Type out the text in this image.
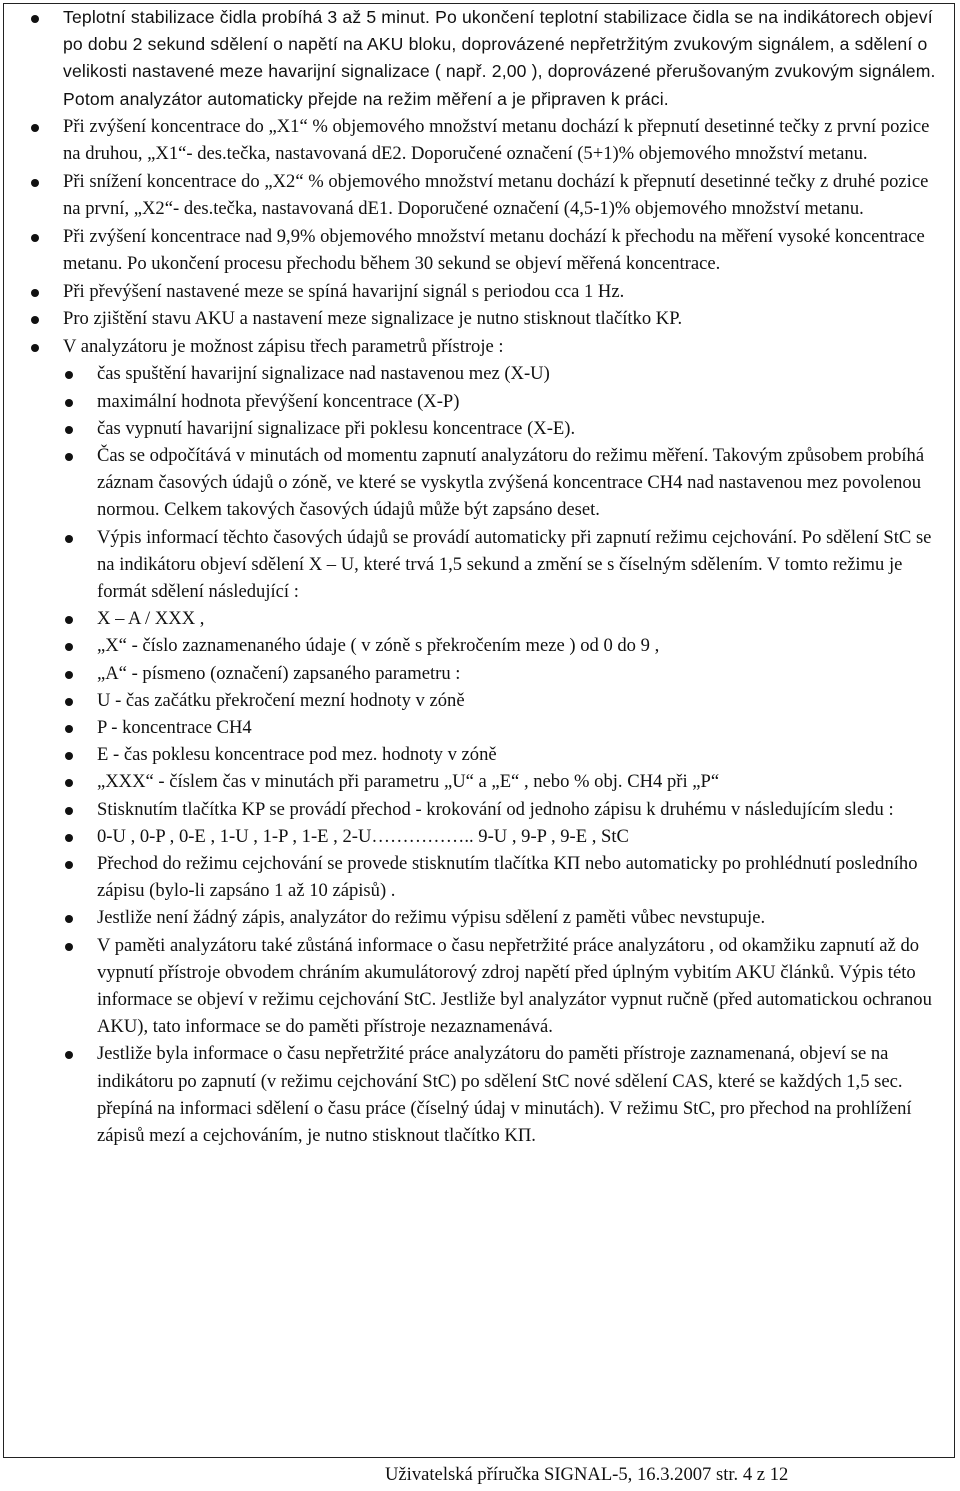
Teplotní stabilizace čidla probíhá 3 až 5 minut. Po ukončení teplotní stabilizace čidla se na indikátorech objeví po dobu 2 sekund sdělení o napětí na AKU bloku, doprovázené nepřetržitým zvukovým signálem, a sdělení o velikosti nastavené meze havarijní signalizace ( např. 2,00 ), doprovázené přerušovaným zvukovým signálem. Potom analyzátor automaticky přejde na režim měření a je připraven k práci.
Při zvýšení koncentrace do „X1“ % objemového množství metanu dochází k přepnutí desetinné tečky z první pozice na druhou, „X1“- des.tečka, nastavovaná dE2. Doporučené označení (5+1)% objemového množství metanu.
Při snížení koncentrace do „X2“ % objemového množství metanu dochází k přepnutí desetinné tečky z druhé pozice na první, „X2“- des.tečka, nastavovaná dE1. Doporučené označení (4,5-1)% objemového množství metanu.
Při zvýšení koncentrace nad 9,9% objemového množství metanu dochází k přechodu na měření vysoké koncentrace metanu. Po ukončení procesu přechodu během 30 sekund se objeví měřená koncentrace.
Při převýšení nastavené meze se spíná havarijní signál s periodou cca 1 Hz.
Pro zjištění stavu AKU a nastavení meze signalizace je nutno stisknout tlačítko KP.
V analyzátoru je možnost zápisu třech parametrů přístroje :
čas spuštění havarijní signalizace nad nastavenou mez (X-U)
maximální hodnota převýšení koncentrace (X-P)
čas vypnutí havarijní signalizace při poklesu koncentrace (X-E).
Čas se odpočítává v minutách od momentu zapnutí analyzátoru do režimu měření. Takovým způsobem probíhá záznam časových údajů o zóně, ve které se vyskytla zvýšená koncentrace CH4 nad nastavenou mez povolenou normou. Celkem takových časových údajů může být zapsáno deset.
Výpis informací těchto časových údajů se provádí automaticky při zapnutí režimu cejchování. Po sdělení StC se na indikátoru objeví sdělení X – U, které trvá 1,5 sekund a změní se s číselným sdělením. V tomto režimu je formát sdělení následující :
X – A / XXX ,
„X“ - číslo zaznamenaného údaje ( v zóně s překročením meze ) od 0 do 9 ,
„A“ - písmeno (označení) zapsaného parametru :
U - čas začátku překročení mezní hodnoty v zóně
P - koncentrace CH4
E - čas poklesu koncentrace pod mez. hodnoty v zóně
„XXX“ - číslem čas v minutách při parametru „U“ a „E“ , nebo % obj. CH4 při „P“
Stisknutím tlačítka KP se provádí přechod - krokování od jednoho zápisu k druhému v následujícím sledu :
0-U , 0-P , 0-E , 1-U , 1-P , 1-E , 2-U…………….. 9-U , 9-P , 9-E , StC
Přechod do režimu cejchování se provede stisknutím tlačítka KΠ nebo automaticky po prohlédnutí posledního zápisu (bylo-li zapsáno 1 až 10 zápisů) .
Jestliže není žádný zápis, analyzátor do režimu výpisu sdělení z paměti vůbec nevstupuje.
V paměti analyzátoru také zůstáná informace o času nepřetržité práce analyzátoru , od okamžiku zapnutí až do vypnutí přístroje obvodem chráním akumulátorový zdroj napětí před úplným vybitím AKU článků. Výpis této informace se objeví v režimu cejchování StC. Jestliže byl analyzátor vypnut ručně (před automatickou ochranou AKU), tato informace se do paměti přístroje nezaznamenává.
Jestliže byla informace o času nepřetržité práce analyzátoru do paměti přístroje zaznamenaná, objeví se na indikátoru po zapnutí (v režimu cejchování StC) po sdělení StC nové sdělení CAS, které se každých 1,5 sec. přepíná na informaci sdělení o času práce (číselný údaj v minutách). V režimu StC, pro přechod na prohlížení zápisů mezí a cejchováním, je nutno stisknout tlačítko KΠ.
Uživatelská příručka SIGNAL-5, 16.3.2007 str. 4 z 12
